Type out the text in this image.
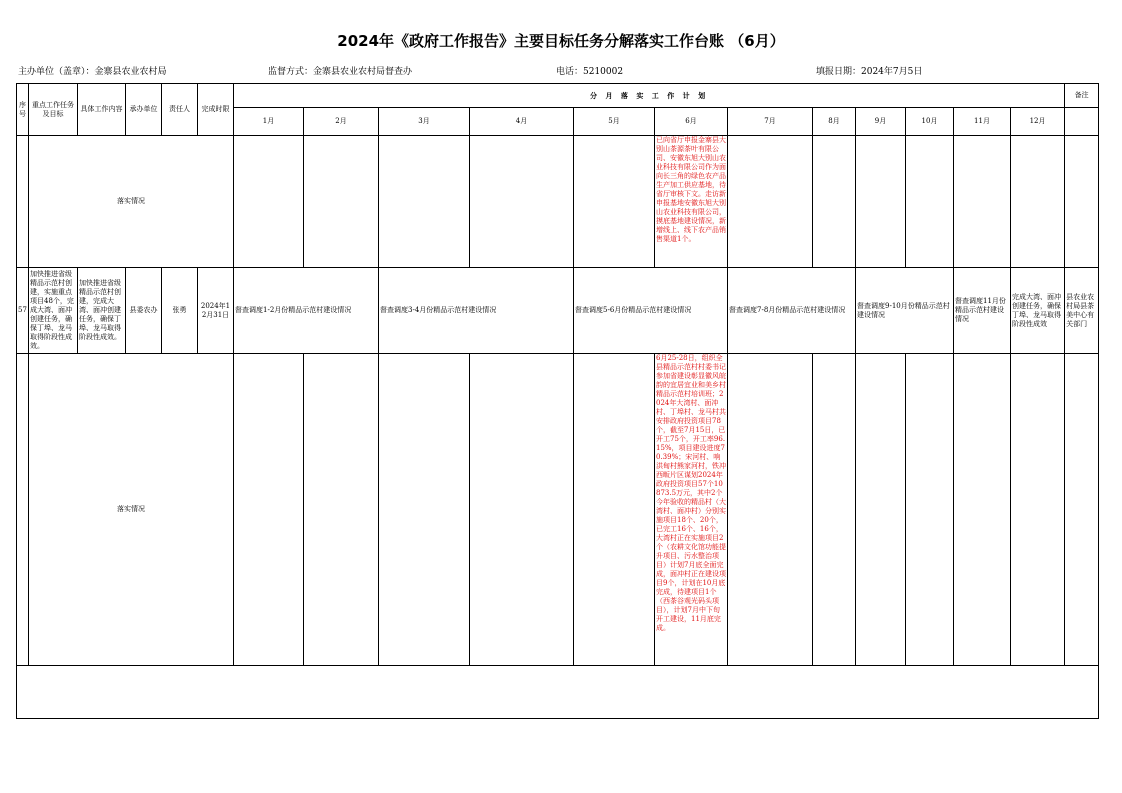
2024年《政府工作报告》主要目标任务分解落实工作台账 （6月）
主办单位（盖章）：金寨县农业农村局	监督方式：金寨县农业农村局督查办	电话：5210002	填报日期：2024年7月5日
序号	重点工作任务及目标	具体工作内容	承办单位	责任人	完成时限	分 月 落 实 工 作 计 划												备注
						1月	2月	3月	4月	5月	6月	7月	8月	9月	10月	11月	12月	
	落实情况										已向省厅申报金寨县大别山茶源茶叶有限公司、安徽东旭大别山农业科技有限公司作为面向长三角的绿色农产品生产加工供应基地，待省厅审核下文。走访新申报基地安徽东旭大别山农业科技有限公司，摸底基地建设情况，新增线上、线下农产品销售渠道1个。							
57	加快推进省级精品示范村创建，实施重点项目48个，完成大湾、面冲创建任务，确保丁埠、龙马取得阶段性成效。	加快推进省级精品示范村创建，完成大湾、面冲创建任务，确保丁埠、龙马取得阶段性成效。	县委农办	张勇	2024年12月31日	督查调度1-2月份精品示范村建设情况		督查调度3-4月份精品示范村建设情况		督查调度5-6月份精品示范村建设情况		督查调度7-8月份精品示范村建设情况		督查调度9-10月份精品示范村建设情况		督查调度11月份精品示范村建设情况	完成大湾、面冲创建任务，确保丁埠、龙马取得阶段性成效	县农业农村局县茶美中心有关部门
	落实情况										6月25-28日，组织全县精品示范村村委书记参加省建设彰显徽风皖韵的宜居宜业和美乡村精品示范村培训班；2024年大湾村、面冲村、丁埠村、龙马村共安排政府投资项目78个，截至7月15日，已开工75个，开工率96.15%，项目建设进度70.39%；宋河村、响洪甸村熊家河村，铁冲西畈片区谋划2024年政府投资项目57个10873.5万元，其中2个今年验收的精品村（大湾村、面冲村）分别实施项目18个、20个，已完工16个、16个，大湾村正在实施项目2个（农耕文化馆功能提升项目、污水整治项目）计划7月底全面完成，面冲村正在建设项目9个，计划在10月底完成，待建项目1个（西茶谷观光码头项目），计划7月中下旬开工建设，11月底完成。							
